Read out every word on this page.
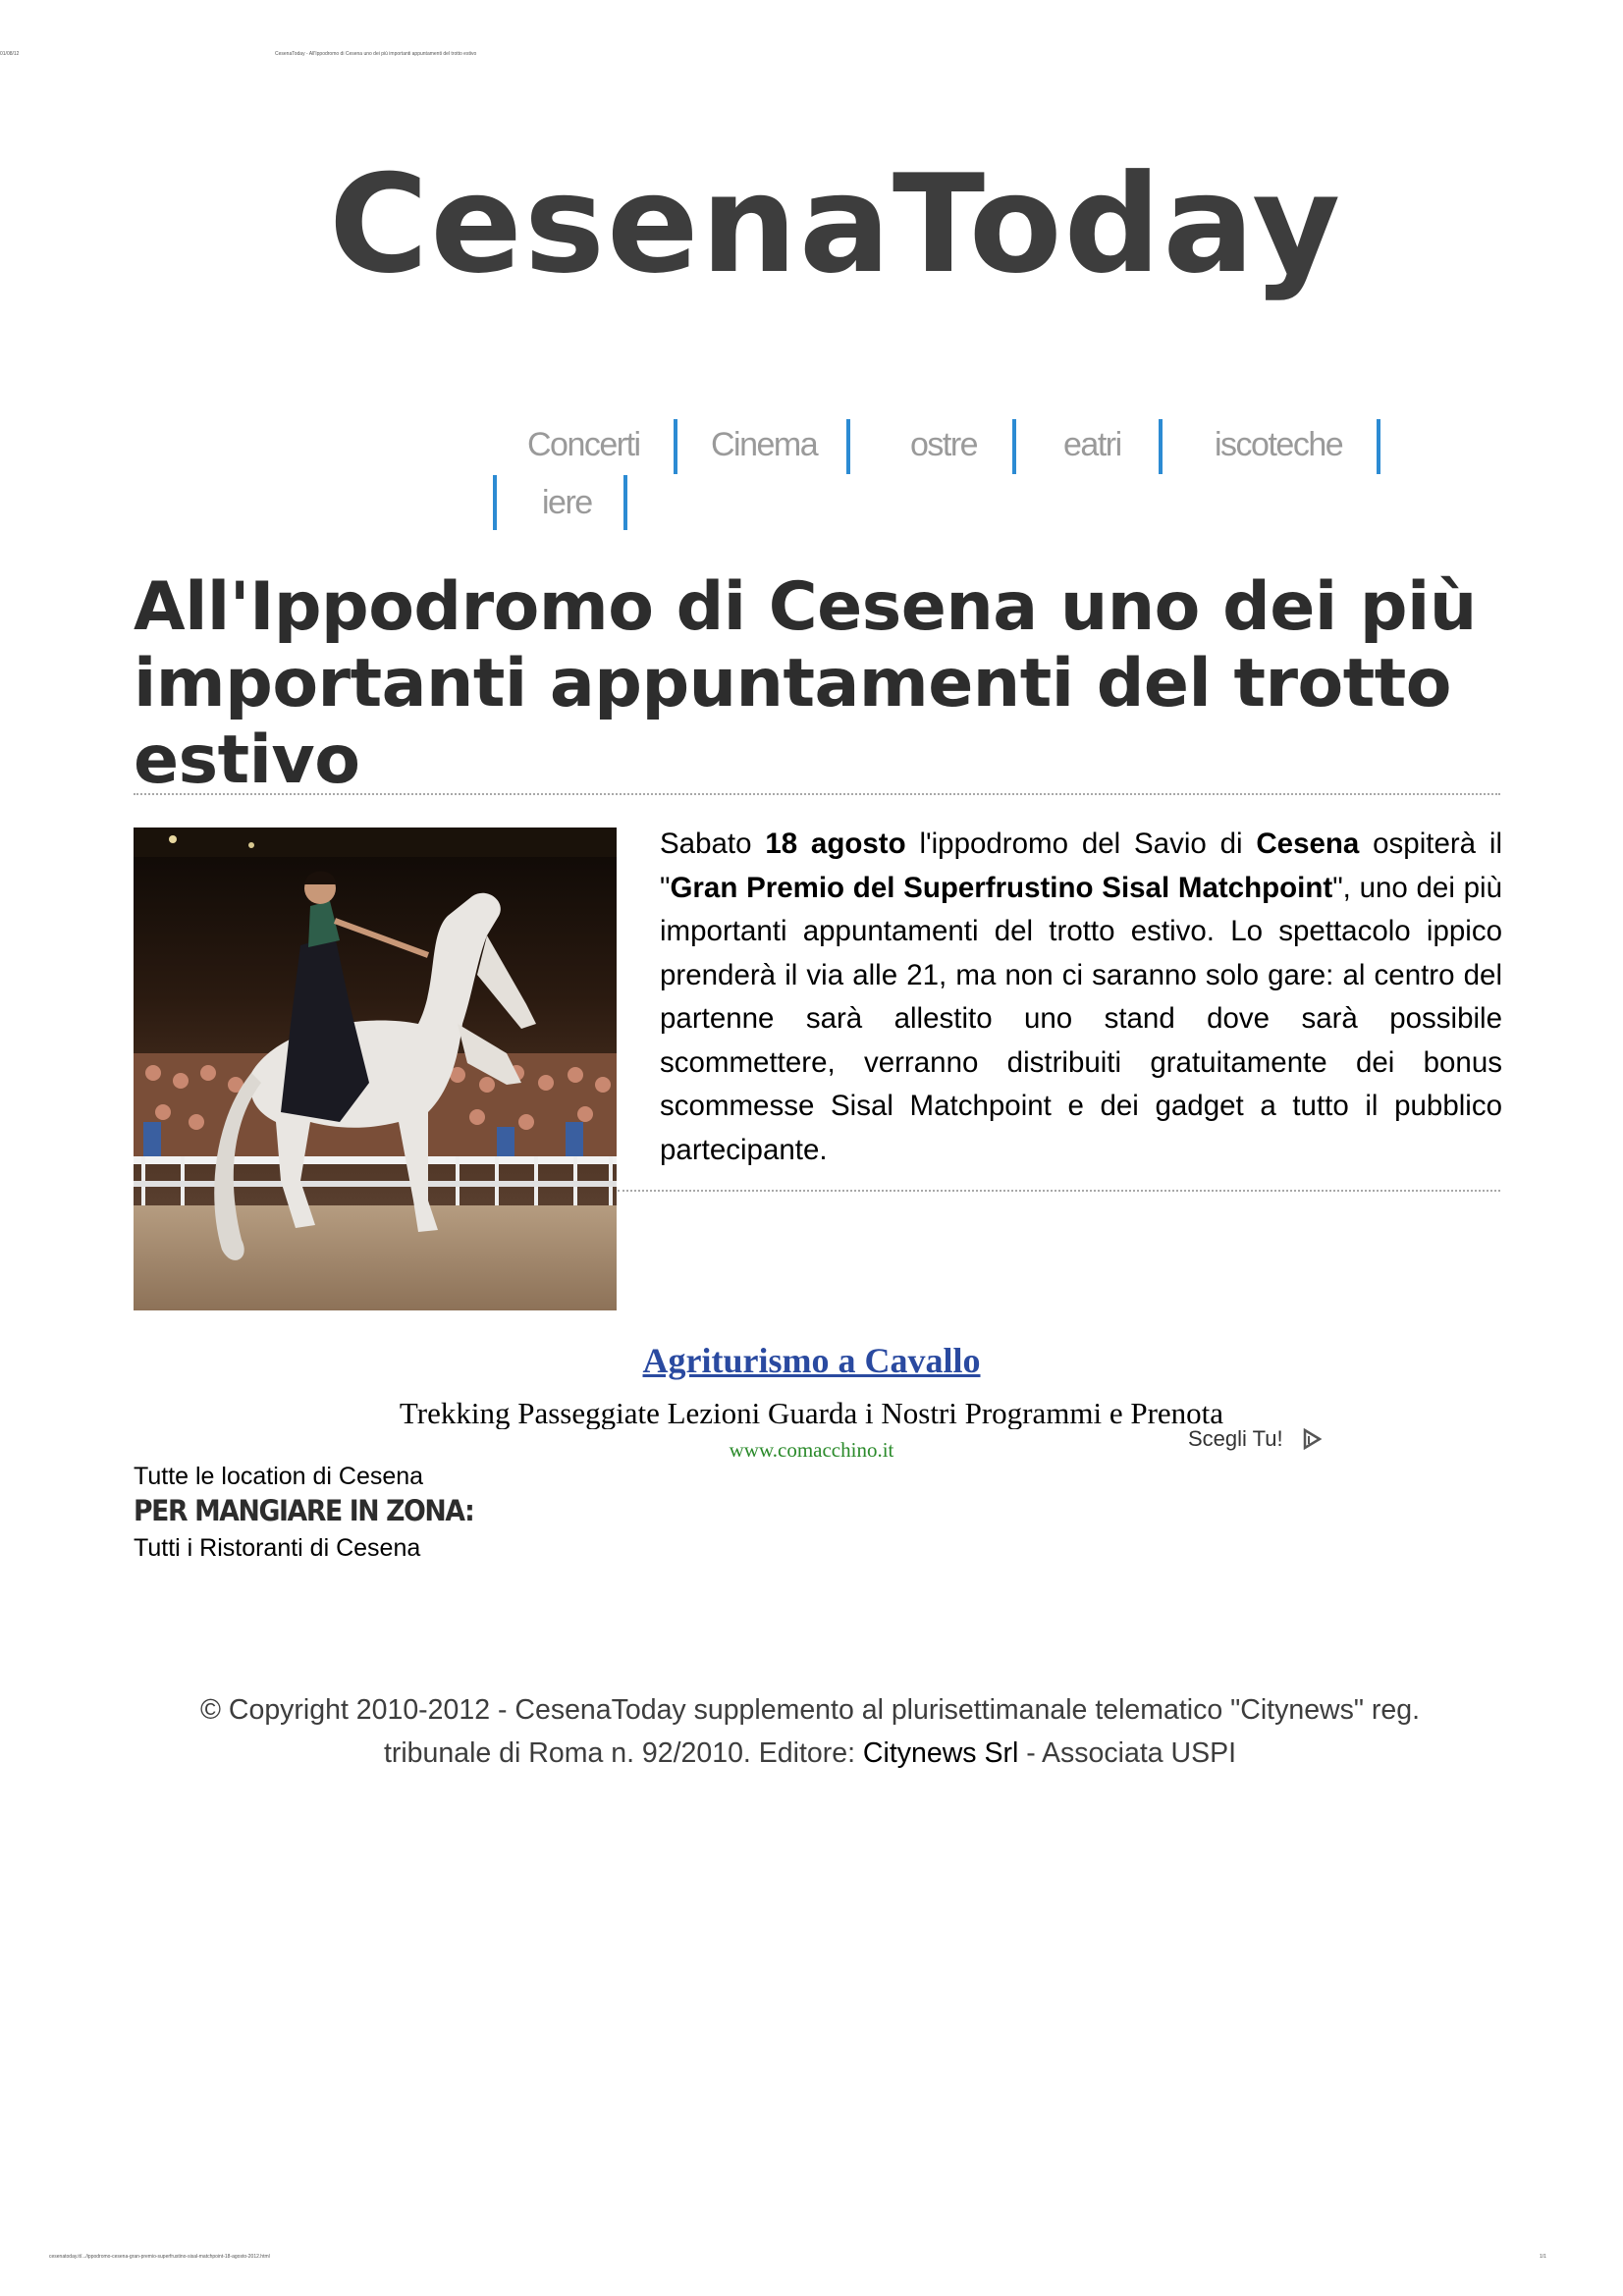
01/08/12	CesenaToday - All'Ippodromo di Cesena uno dei più importanti appuntamenti del trotto estivo
CesenaToday
Concerti Cinema	ostre	eatri	iscoteche
iere
All'Ippodromo di Cesena uno dei più importanti appuntamenti del trotto estivo

Sabato 18 agosto l'ippodromo del Savio di Cesena ospiterà il "Gran Premio del Superfrustino Sisal Matchpoint", uno dei più importanti appuntamenti del trotto estivo. Lo spettacolo ippico prenderà il via alle 21, ma non ci saranno solo gare: al centro del partenne sarà allestito uno stand dove sarà possibile scommettere, verranno distribuiti gratuitamente dei bonus scommesse Sisal Matchpoint e dei gadget a tutto il pubblico partecipante.

Agriturismo a Cavallo
Trekking Passeggiate Lezioni Guarda i Nostri Programmi e Prenota
www.comacchino.it	Scegli Tu!
Tutte le location di Cesena
PER MANGIARE IN ZONA:
Tutti i Ristoranti di Cesena
© Copyright 2010-2012 - CesenaToday supplemento al plurisettimanale telematico "Citynews" reg. tribunale di Roma n. 92/2010. Editore: Citynews Srl - Associata USPI
cesenatoday.it/.../ippodromo-cesena-gran-premio-superfrustino-sisal-matchpoint-18-agosto-2012.html	1/1
